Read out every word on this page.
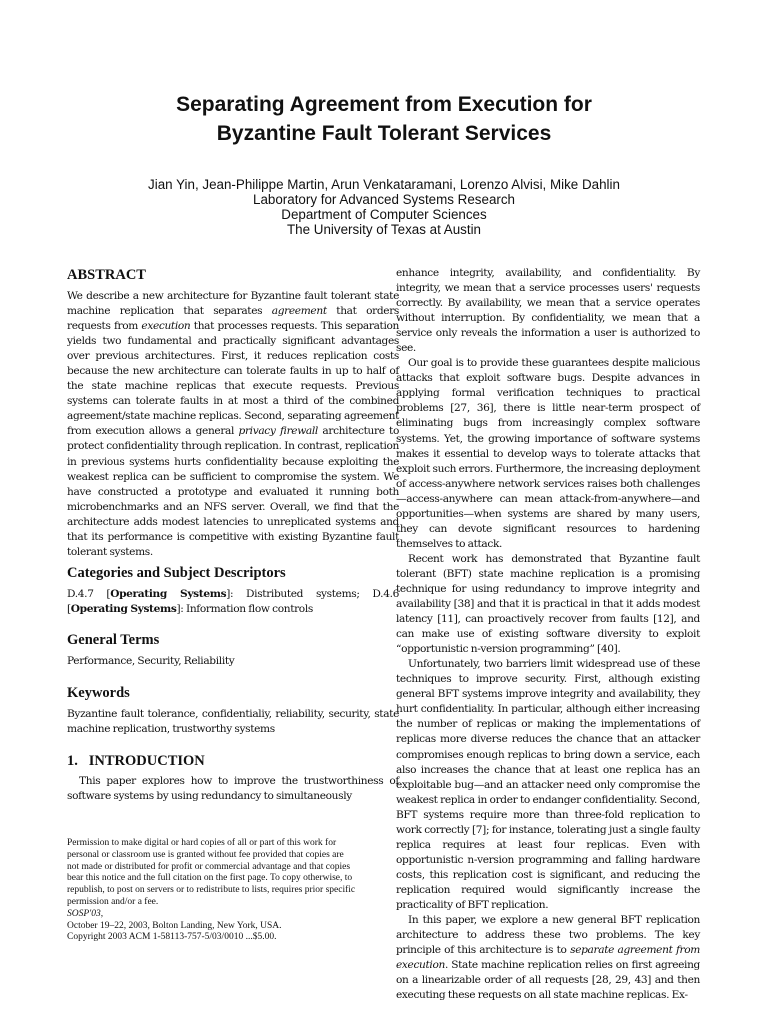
Separating Agreement from Execution for
Byzantine Fault Tolerant Services
Jian Yin, Jean-Philippe Martin, Arun Venkataramani, Lorenzo Alvisi, Mike Dahlin
Laboratory for Advanced Systems Research
Department of Computer Sciences
The University of Texas at Austin
ABSTRACT

We describe a new architecture for Byzantine fault tolerant state machine replication that separates agreement that orders requests from execution that processes requests. This separation yields two fundamental and practically significant advantages over previous architectures. First, it reduces replication costs because the new architecture can tolerate faults in up to half of the state machine replicas that execute requests. Previous systems can tolerate faults in at most a third of the combined agreement/state machine replicas. Second, separating agreement from execution allows a general privacy firewall architecture to protect confidentiality through replication. In contrast, replication in previous systems hurts confidentiality because exploiting the weakest replica can be sufficient to compromise the system. We have constructed a prototype and evaluated it running both microbenchmarks and an NFS server. Overall, we find that the architecture adds modest latencies to unreplicated systems and that its performance is competitive with existing Byzantine fault tolerant systems.

Categories and Subject Descriptors

D.4.7 [Operating Systems]: Distributed systems; D.4.6 [Operating Systems]: Information flow controls

General Terms

Performance, Security, Reliability

Keywords

Byzantine fault tolerance, confidentialiy, reliability, security, state machine replication, trustworthy systems

1.   INTRODUCTION

This paper explores how to improve the trustworthiness of software systems by using redundancy to simultaneously

Permission to make digital or hard copies of all or part of this work for
personal or classroom use is granted without fee provided that copies are
not made or distributed for profit or commercial advantage and that copies
bear this notice and the full citation on the first page. To copy otherwise, to
republish, to post on servers or to redistribute to lists, requires prior specific
permission and/or a fee.
SOSP'03,
October 19–22, 2003, Bolton Landing, New York, USA.
Copyright 2003 ACM 1-58113-757-5/03/0010 ...$5.00.

enhance integrity, availability, and confidentiality. By integrity, we mean that a service processes users' requests correctly. By availability, we mean that a service operates without interruption. By confidentiality, we mean that a service only reveals the information a user is authorized to see.

Our goal is to provide these guarantees despite malicious attacks that exploit software bugs. Despite advances in applying formal verification techniques to practical problems [27, 36], there is little near-term prospect of eliminating bugs from increasingly complex software systems. Yet, the growing importance of software systems makes it essential to develop ways to tolerate attacks that exploit such errors. Furthermore, the increasing deployment of access-anywhere network services raises both challenges—access-anywhere can mean attack-from-anywhere—and opportunities—when systems are shared by many users, they can devote significant resources to hardening themselves to attack.

Recent work has demonstrated that Byzantine fault tolerant (BFT) state machine replication is a promising technique for using redundancy to improve integrity and availability [38] and that it is practical in that it adds modest latency [11], can proactively recover from faults [12], and can make use of existing software diversity to exploit “opportunistic n-version programming” [40].

Unfortunately, two barriers limit widespread use of these techniques to improve security. First, although existing general BFT systems improve integrity and availability, they hurt confidentiality. In particular, although either increasing the number of replicas or making the implementations of replicas more diverse reduces the chance that an attacker compromises enough replicas to bring down a service, each also increases the chance that at least one replica has an exploitable bug—and an attacker need only compromise the weakest replica in order to endanger confidentiality. Second, BFT systems require more than three-fold replication to work correctly [7]; for instance, tolerating just a single faulty replica requires at least four replicas. Even with opportunistic n-version programming and falling hardware costs, this replication cost is significant, and reducing the replication required would significantly increase the practicality of BFT replication.

In this paper, we explore a new general BFT replication architecture to address these two problems. The key principle of this architecture is to separate agreement from execution. State machine replication relies on first agreeing on a linearizable order of all requests [28, 29, 43] and then executing these requests on all state machine replicas. Ex-
